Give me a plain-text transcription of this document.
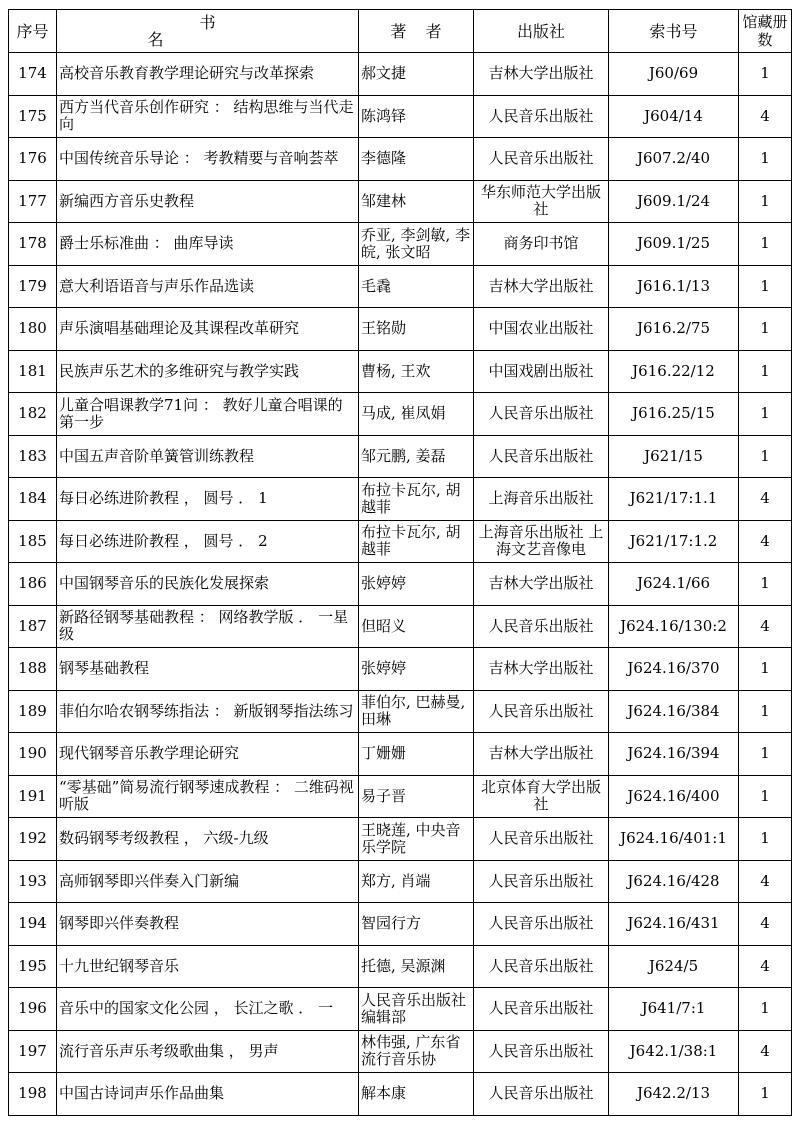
序号	书名	著者	出版社	索书号	馆藏册数

174	高校音乐教育教学理论研究与改革探索	郝文捷	吉林大学出版社	J60/69	1

175	西方当代音乐创作研究 ： 结构思维与当代走向	陈鸿铎	人民音乐出版社	J604/14	4

176	中国传统音乐导论 ： 考教精要与音响荟萃	李德隆	人民音乐出版社	J607.2/40	1

177	新编西方音乐史教程	邹建林	华东师范大学出版社	J609.1/24	1

178	爵士乐标准曲 ： 曲库导读	乔亚, 李剑敏, 李皖, 张文昭	商务印书馆	J609.1/25	1

179	意大利语语音与声乐作品选读	毛毳	吉林大学出版社	J616.1/13	1

180	声乐演唱基础理论及其课程改革研究	王铭勋	中国农业出版社	J616.2/75	1

181	民族声乐艺术的多维研究与教学实践	曹杨, 王欢	中国戏剧出版社	J616.22/12	1

182	儿童合唱课教学71问 ： 教好儿童合唱课的第一步	马成, 崔凤娟	人民音乐出版社	J616.25/15	1

183	中国五声音阶单簧管训练教程	邹元鹏, 姜磊	人民音乐出版社	J621/15	1

184	每日必练进阶教程 ， 圆号 ． 1	布拉卡瓦尔, 胡越菲	上海音乐出版社	J621/17:1.1	4

185	每日必练进阶教程 ， 圆号 ． 2	布拉卡瓦尔, 胡越菲	上海音乐出版社 上海文艺音像电	J621/17:1.2	4

186	中国钢琴音乐的民族化发展探索	张婷婷	吉林大学出版社	J624.1/66	1

187	新路径钢琴基础教程 ： 网络教学版 ． 一星级	但昭义	人民音乐出版社	J624.16/130:2	4

188	钢琴基础教程	张婷婷	吉林大学出版社	J624.16/370	1

189	菲伯尔哈农钢琴练指法 ： 新版钢琴指法练习	菲伯尔, 巴赫曼, 田琳	人民音乐出版社	J624.16/384	1

190	现代钢琴音乐教学理论研究	丁姗姗	吉林大学出版社	J624.16/394	1

191	“零基础”简易流行钢琴速成教程 ： 二维码视听版	易子晋	北京体育大学出版社	J624.16/400	1

192	数码钢琴考级教程 ， 六级-九级	王晓莲, 中央音乐学院	人民音乐出版社	J624.16/401:1	1

193	高师钢琴即兴伴奏入门新编	郑方, 肖端	人民音乐出版社	J624.16/428	4

194	钢琴即兴伴奏教程	智园行方	人民音乐出版社	J624.16/431	4

195	十九世纪钢琴音乐	托德, 吴源渊	人民音乐出版社	J624/5	4

196	音乐中的国家文化公园 ， 长江之歌 ． 一	人民音乐出版社编辑部	人民音乐出版社	J641/7:1	1

197	流行音乐声乐考级歌曲集 ， 男声	林伟强, 广东省流行音乐协	人民音乐出版社	J642.1/38:1	4

198	中国古诗词声乐作品曲集	解本康	人民音乐出版社	J642.2/13	1
